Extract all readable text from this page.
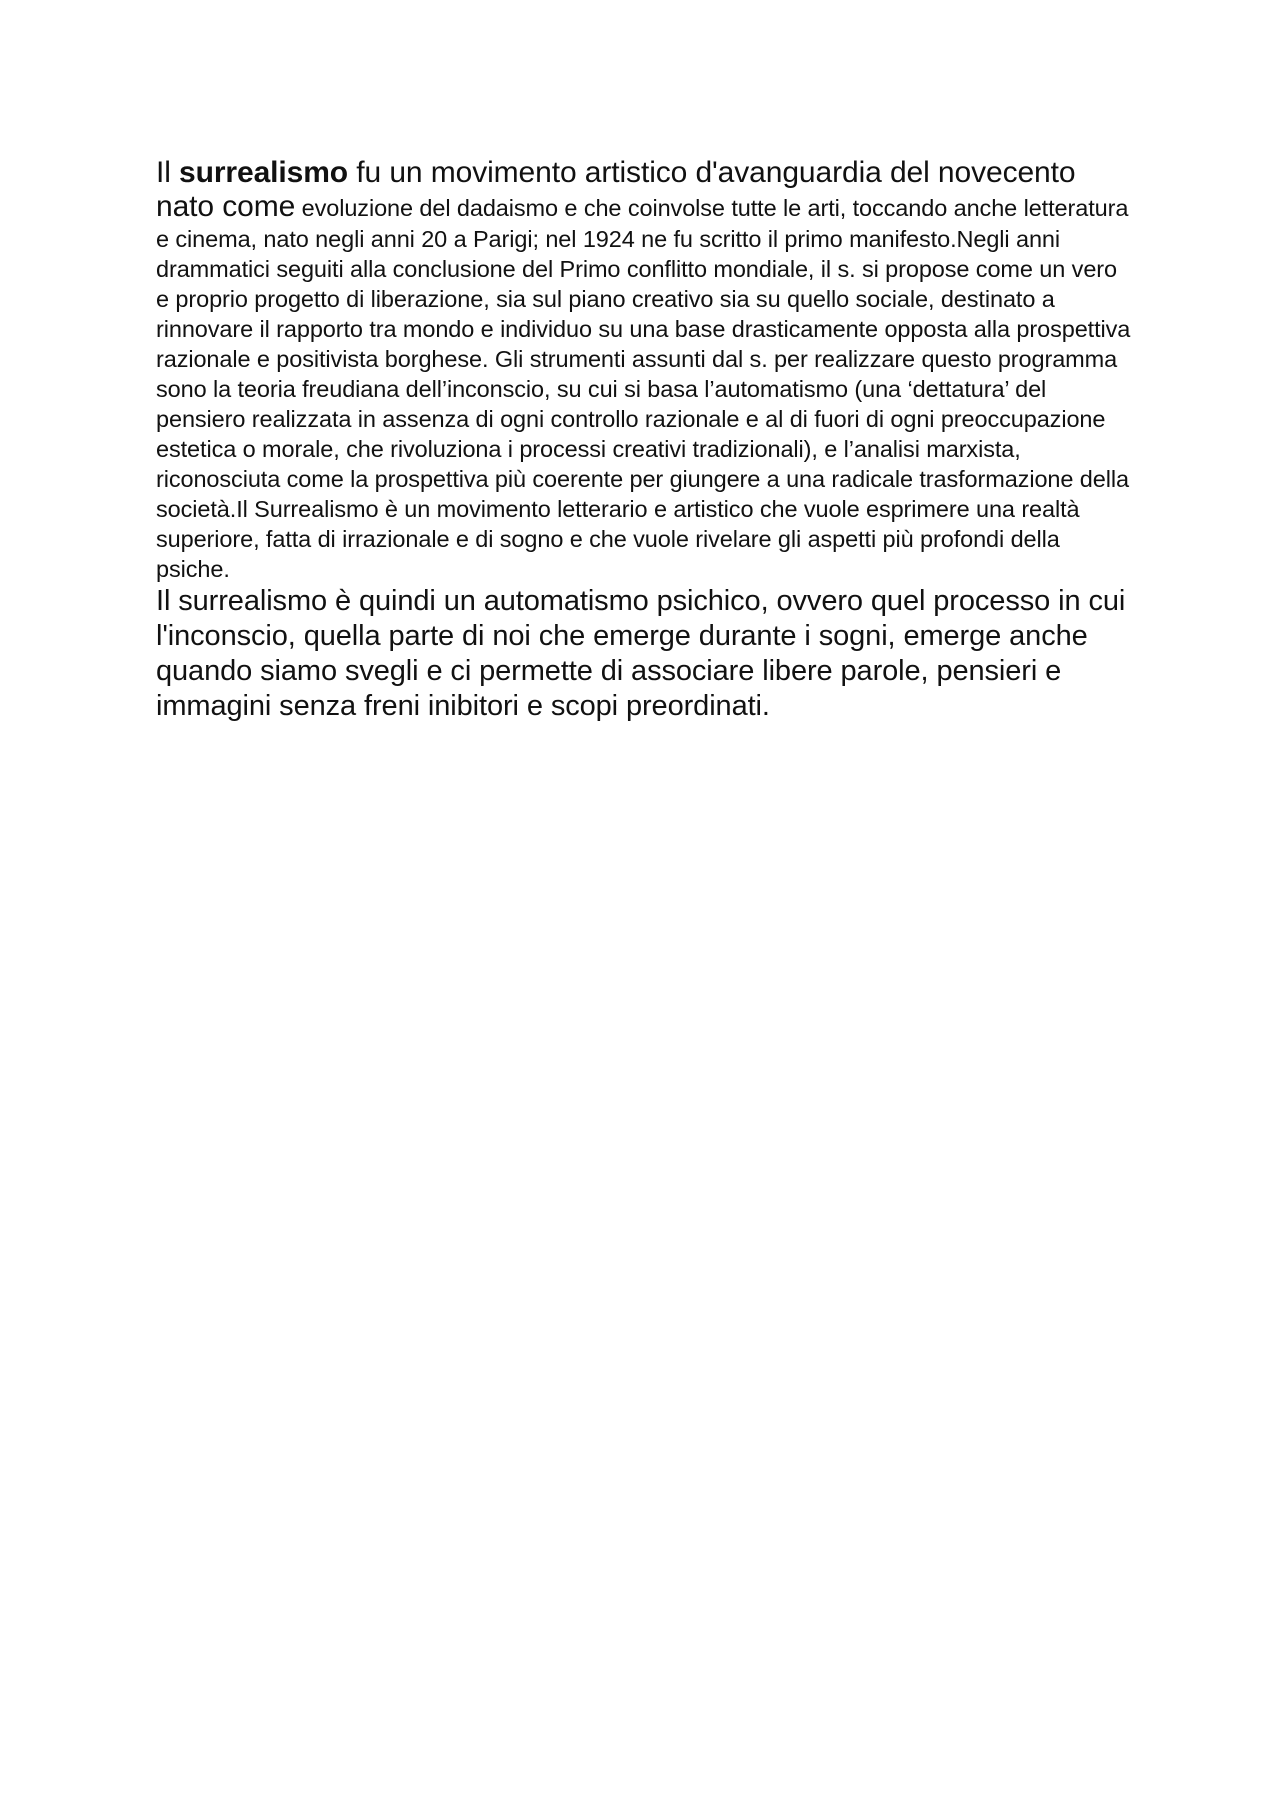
Il surrealismo fu un movimento artistico d'avanguardia del novecento nato come evoluzione del dadaismo e che coinvolse tutte le arti, toccando anche letteratura e cinema, nato negli anni 20 a Parigi; nel 1924 ne fu scritto il primo manifesto.Negli anni drammatici seguiti alla conclusione del Primo conflitto mondiale, il s. si propose come un vero e proprio progetto di liberazione, sia sul piano creativo sia su quello sociale, destinato a rinnovare il rapporto tra mondo e individuo su una base drasticamente opposta alla prospettiva razionale e positivista borghese. Gli strumenti assunti dal s. per realizzare questo programma sono la teoria freudiana dell’inconscio, su cui si basa l’automatismo (una ‘dettatura’ del pensiero realizzata in assenza di ogni controllo razionale e al di fuori di ogni preoccupazione estetica o morale, che rivoluziona i processi creativi tradizionali), e l’analisi marxista, riconosciuta come la prospettiva più coerente per giungere a una radicale trasformazione della società.Il Surrealismo è un movimento letterario e artistico che vuole esprimere una realtà superiore, fatta di irrazionale e di sogno e che vuole rivelare gli aspetti più profondi della psiche.

Il surrealismo è quindi un automatismo psichico, ovvero quel processo in cui l'inconscio, quella parte di noi che emerge durante i sogni, emerge anche quando siamo svegli e ci permette di associare libere parole, pensieri e immagini senza freni inibitori e scopi preordinati.
